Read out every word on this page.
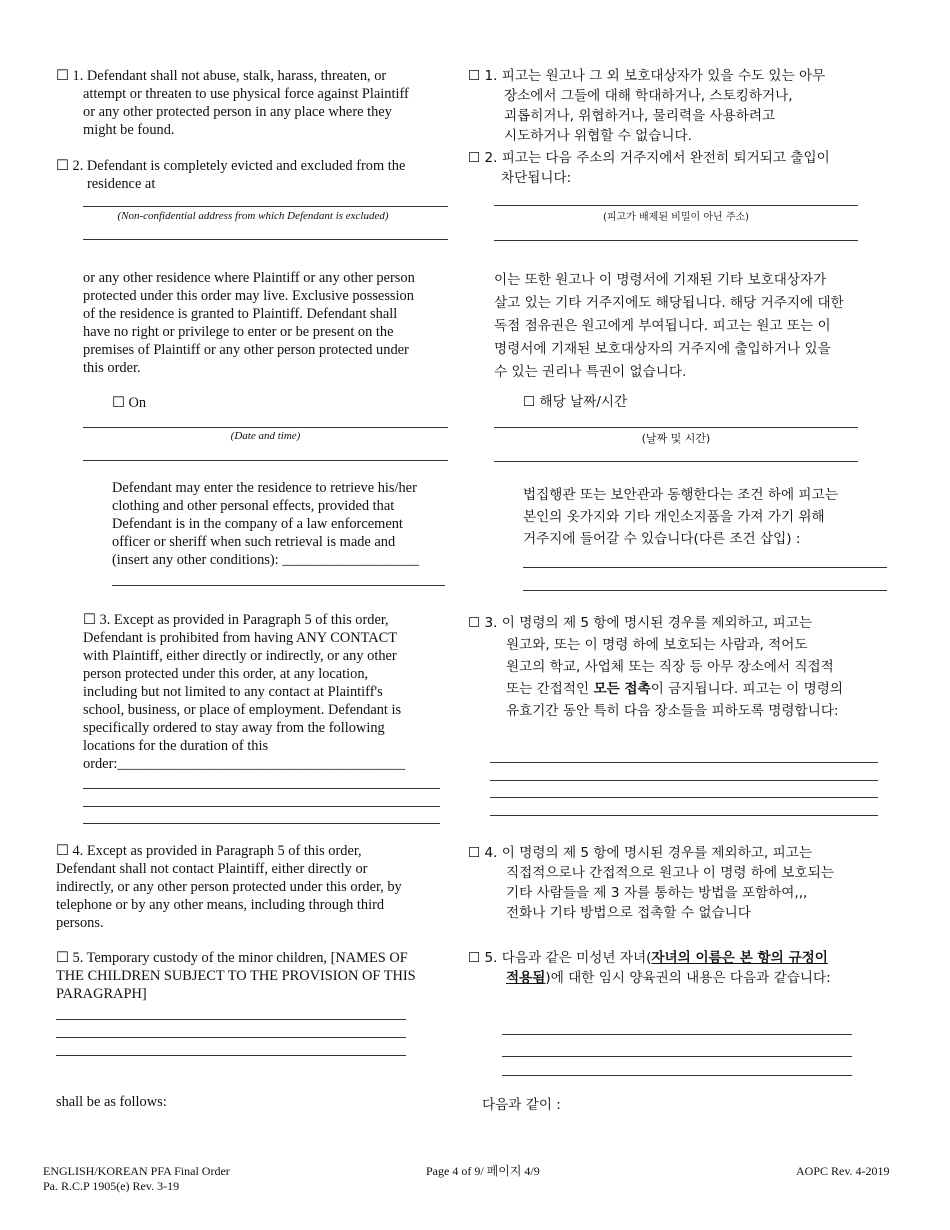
☐ 1. Defendant shall not abuse, stalk, harass, threaten, or

attempt or threaten to use physical force against Plaintiff

or any other protected person in any place where they

might be found.

☐ 2. Defendant is completely evicted and excluded from the

residence at

(Non-confidential address from which Defendant is excluded)

or any other residence where Plaintiff or any other person

protected under this order may live. Exclusive possession

of the residence is granted to Plaintiff. Defendant shall

have no right or privilege to enter or be present on the

premises of Plaintiff or any other person protected under

this order.

☐ On
(Date and time)

Defendant may enter the residence to retrieve his/her

clothing and other personal effects, provided that

Defendant is in the company of a law enforcement

officer or sheriff when such retrieval is made and

(insert any other conditions): ___________________

☐ 3. Except as provided in Paragraph 5 of this order,

Defendant is prohibited from having ANY CONTACT

with Plaintiff, either directly or indirectly, or any other

person protected under this order, at any location,

including but not limited to any contact at Plaintiff's

school, business, or place of employment. Defendant is

specifically ordered to stay away from the following

locations for the duration of this

order:________________________________________

☐ 4. Except as provided in Paragraph 5 of this order,

Defendant shall not contact Plaintiff, either directly or

indirectly, or any other person protected under this order, by

telephone or by any other means, including through third

persons.

☐ 5. Temporary custody of the minor children, [NAMES OF

THE CHILDREN SUBJECT TO THE PROVISION OF THIS

PARAGRAPH]

shall be as follows:

☐ 1. 피고는 원고나 그 외 보호대상자가 있을 수도 있는 아무

장소에서 그들에 대해 학대하거나, 스토킹하거나,

괴롭히거나, 위협하거나, 물리력을 사용하려고

시도하거나 위협할 수 없습니다.

☐ 2. 피고는 다음 주소의 거주지에서 완전히 퇴거되고 출입이

차단됩니다:

(피고가 배제된 비밀이 아닌 주소)

이는 또한 원고나 이 명령서에 기재된 기타 보호대상자가

살고 있는 기타 거주지에도 해당됩니다. 해당 거주지에 대한

독점 점유권은 원고에게 부여됩니다. 피고는 원고 또는 이

명령서에 기재된 보호대상자의 거주지에 출입하거나 있을

수 있는 권리나 특권이 없습니다.

☐ 해당 날짜/시간
(날짜 및 시간)

법집행관 또는 보안관과 동행한다는 조건 하에 피고는

본인의 옷가지와 기타 개인소지품을 가져 가기 위해

거주지에 들어갈 수 있습니다(다른 조건 삽입) :

☐ 3. 이 명령의 제 5 항에 명시된 경우를 제외하고, 피고는

원고와, 또는 이 명령 하에 보호되는 사람과, 적어도

원고의 학교, 사업체 또는 직장 등 아무 장소에서 직접적

또는 간접적인 모든 접촉이 금지됩니다. 피고는 이 명령의

유효기간 동안 특히 다음 장소들을 피하도록 명령합니다:

☐ 4. 이 명령의 제 5 항에 명시된 경우를 제외하고, 피고는

직접적으로나 간접적으로 원고나 이 명령 하에 보호되는

기타 사람들을 제 3 자를 통하는 방법을 포함하여,,,

전화나 기타 방법으로 접촉할 수 없습니다

☐ 5. 다음과 같은 미성년 자녀(자녀의 이름은 본 항의 규정이

적용됨)에 대한 임시 양육권의 내용은 다음과 같습니다:

다음과 같이 :
ENGLISH/KOREAN PFA Final Order
Pa. R.C.P 1905(e) Rev. 3-19
Page 4 of 9/ 페이지 4/9	AOPC Rev. 4-2019
